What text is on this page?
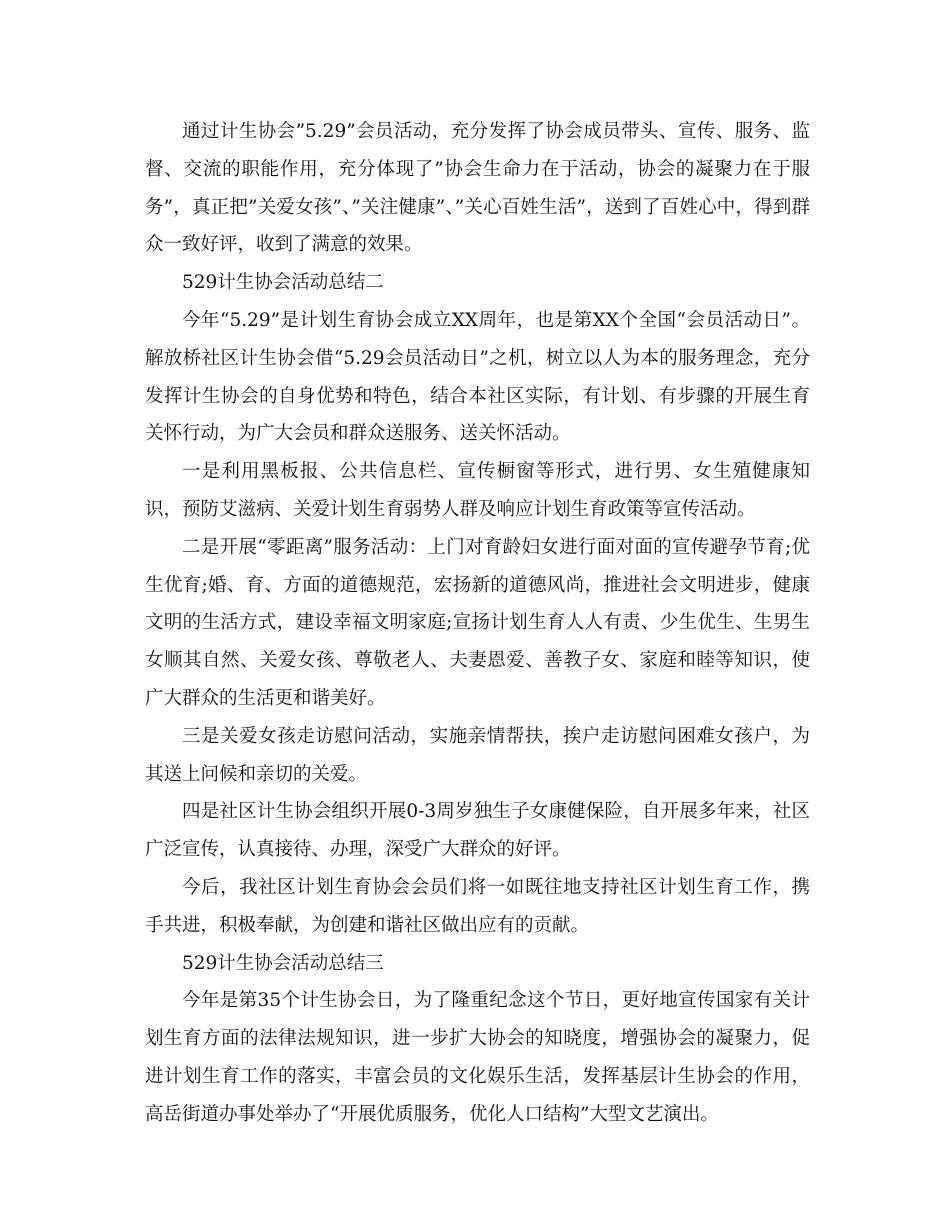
通过计生协会”5.29”会员活动，充分发挥了协会成员带头、宣传、服务、监督、交流的职能作用，充分体现了”协会生命力在于活动，协会的凝聚力在于服务”，真正把”关爱女孩”、”关注健康”、”关心百姓生活”，送到了百姓心中，得到群众一致好评，收到了满意的效果。

529计生协会活动总结二

今年“5.29”是计划生育协会成立XX周年，也是第XX个全国“会员活动日”。解放桥社区计生协会借“5.29会员活动日”之机，树立以人为本的服务理念，充分发挥计生协会的自身优势和特色，结合本社区实际，有计划、有步骤的开展生育关怀行动，为广大会员和群众送服务、送关怀活动。

一是利用黑板报、公共信息栏、宣传橱窗等形式，进行男、女生殖健康知识，预防艾滋病、关爱计划生育弱势人群及响应计划生育政策等宣传活动。

二是开展“零距离”服务活动：上门对育龄妇女进行面对面的宣传避孕节育;优生优育;婚、育、方面的道德规范，宏扬新的道德风尚，推进社会文明进步，健康文明的生活方式，建设幸福文明家庭;宣扬计划生育人人有责、少生优生、生男生女顺其自然、关爱女孩、尊敬老人、夫妻恩爱、善教子女、家庭和睦等知识，使广大群众的生活更和谐美好。

三是关爱女孩走访慰问活动，实施亲情帮扶，挨户走访慰问困难女孩户，为其送上问候和亲切的关爱。

四是社区计生协会组织开展0-3周岁独生子女康健保险，自开展多年来，社区广泛宣传，认真接待、办理，深受广大群众的好评。

今后，我社区计划生育协会会员们将一如既往地支持社区计划生育工作，携手共进，积极奉献，为创建和谐社区做出应有的贡献。

529计生协会活动总结三

今年是第35个计生协会日，为了隆重纪念这个节日，更好地宣传国家有关计划生育方面的法律法规知识，进一步扩大协会的知晓度，增强协会的凝聚力，促进计划生育工作的落实，丰富会员的文化娱乐生活，发挥基层计生协会的作用，高岳街道办事处举办了“开展优质服务，优化人口结构”大型文艺演出。
